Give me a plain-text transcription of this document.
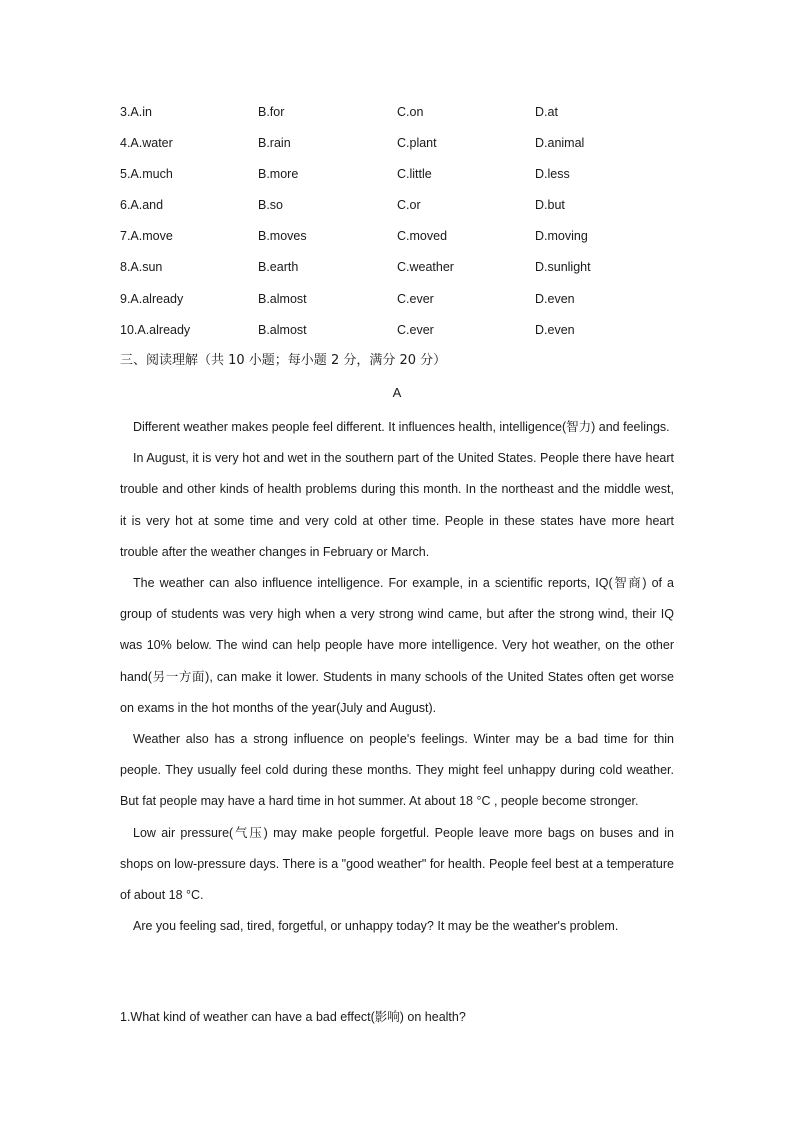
3.A.in	B.for	C.on	D.at
4.A.water	B.rain	C.plant	D.animal
5.A.much	B.more	C.little	D.less
6.A.and	B.so	C.or	D.but
7.A.move	B.moves	C.moved	D.moving
8.A.sun	B.earth	C.weather	D.sunlight
9.A.already	B.almost	C.ever	D.even
10.A.already	B.almost	C.ever	D.even
三、阅读理解（共 10 小题；每小题 2 分，满分 20 分）
A

Different weather makes people feel different. It influences health, intelligence(智力) and feelings.

In August, it is very hot and wet in the southern part of the United States. People there have heart trouble and other kinds of health problems during this month. In the northeast and the middle west, it is very hot at some time and very cold at other time. People in these states have more heart trouble after the weather changes in February or March.

The weather can also influence intelligence. For example, in a scientific reports, IQ(智商) of a group of students was very high when a very strong wind came, but after the strong wind, their IQ was 10% below. The wind can help people have more intelligence. Very hot weather, on the other hand(另一方面), can make it lower. Students in many schools of the United States often get worse on exams in the hot months of the year(July and August).

Weather also has a strong influence on people's feelings. Winter may be a bad time for thin people. They usually feel cold during these months. They might feel unhappy during cold weather. But fat people may have a hard time in hot summer. At about 18 °C , people become stronger.

Low air pressure(气压) may make people forgetful. People leave more bags on buses and in shops on low-pressure days. There is a "good weather" for health. People feel best at a temperature of about 18 °C.

Are you feeling sad, tired, forgetful, or unhappy today? It may be the weather's problem.

1.What kind of weather can have a bad effect(影响) on health?
